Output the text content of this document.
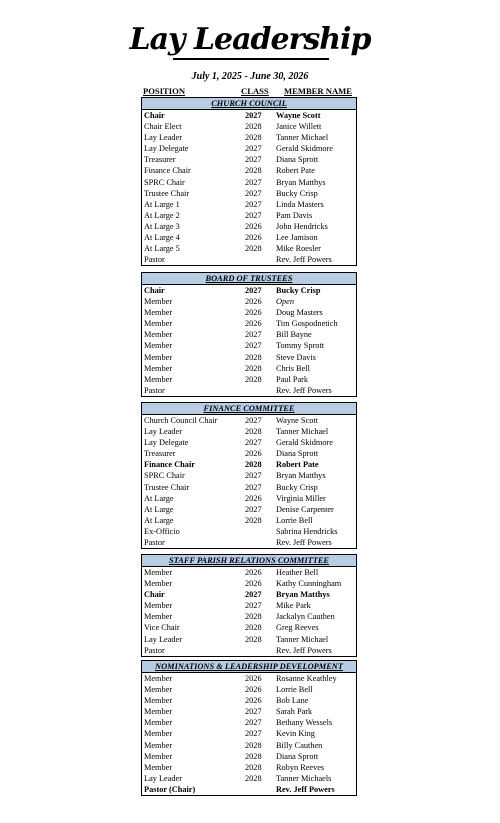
Lay Leadership
July 1, 2025 - June 30, 2026
POSITION	CLASS MEMBER NAME
CHURCH COUNCIL
Chair	2027 Wayne Scott
Chair Elect	2028 Janice Willett
Lay Leader	2028 Tanner Michael
Lay Delegate	2027 Gerald Skidmore
Treasurer	2027 Diana Sprott
Finance Chair	2028 Robert Pate
SPRC Chair	2027 Bryan Matthys
Trustee Chair	2027 Bucky Crisp
At Large 1	2027 Linda Masters
At Large 2	2027 Pam Davis
At Large 3	2026 John Hendricks
At Large 4	2026 Lee Jamison
At Large 5	2028 Mike Roesler
Pastor	Rev. Jeff Powers
BOARD OF TRUSTEES
Chair	2027 Bucky Crisp
Member	2026 Open
Member	2026 Doug Masters
Member	2026 Tim Gospodnetich
Member	2027 Bill Bayne
Member	2027 Tommy Sprott
Member	2028 Steve Davis
Member	2028 Chris Bell
Member	2028 Paul Park
Pastor	Rev. Jeff Powers
FINANCE COMMITTEE
Church Council Chair	2027 Wayne Scott
Lay Leader	2028 Tanner Michael
Lay Delegate	2027 Gerald Skidmore
Treasurer	2026 Diana Sprott
Finance Chair	2028 Robert Pate
SPRC Chair	2027 Bryan Matthys
Trustee Chair	2027 Bucky Crisp
At Large	2026 Virginia Miller
At Large	2027 Denise Carpenter
At Large	2028 Lorrie Bell
Ex-Officio	Sabrina Hendricks
Pastor	Rev. Jeff Powers
STAFF PARISH RELATIONS COMMITTEE
Member	2026 Heather Bell
Member	2026 Kathy Cunningham
Chair	2027 Bryan Matthys
Member	2027 Mike Park
Member	2028 Jackalyn Cauthen
Vice Chair	2028 Greg Reeves
Lay Leader	2028 Tanner Michael
Pastor	Rev. Jeff Powers
NOMINATIONS & LEADERSHIP DEVELOPMENT
Member	2026 Rosanne Keathley
Member	2026 Lorrie Bell
Member	2026 Bob Lane
Member	2027 Sarah Park
Member	2027 Bethany Wessels
Member	2027 Kevin King
Member	2028 Billy Cauthen
Member	2028 Diana Sprott
Member	2028 Robyn Reeves
Lay Leader	2028 Tanner Michaels
Pastor (Chair)	Rev. Jeff Powers
